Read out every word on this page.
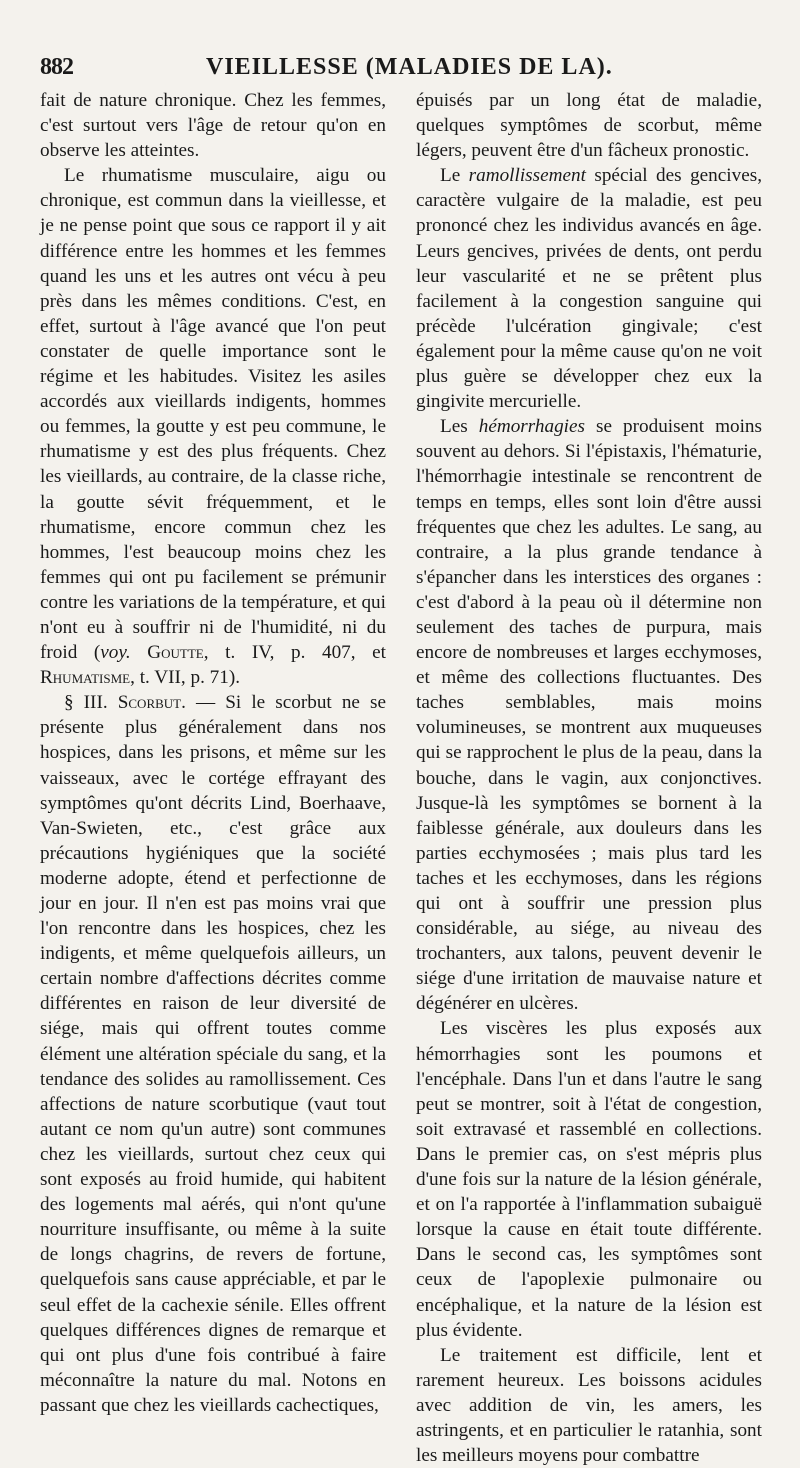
882	VIEILLESSE (MALADIES DE LA).

fait de nature chronique. Chez les femmes, c'est surtout vers l'âge de retour qu'on en observe les atteintes.

Le rhumatisme musculaire, aigu ou chronique, est commun dans la vieillesse, et je ne pense point que sous ce rapport il y ait différence entre les hommes et les femmes quand les uns et les autres ont vécu à peu près dans les mêmes conditions. C'est, en effet, surtout à l'âge avancé que l'on peut constater de quelle importance sont le régime et les habitudes. Visitez les asiles accordés aux vieillards indigents, hommes ou femmes, la goutte y est peu commune, le rhumatisme y est des plus fréquents. Chez les vieillards, au contraire, de la classe riche, la goutte sévit fréquemment, et le rhumatisme, encore commun chez les hommes, l'est beaucoup moins chez les femmes qui ont pu facilement se prémunir contre les variations de la température, et qui n'ont eu à souffrir ni de l'humidité, ni du froid (voy. Goutte, t. IV, p. 407, et Rhumatisme, t. VII, p. 71).

§ III. Scorbut. — Si le scorbut ne se présente plus généralement dans nos hospices, dans les prisons, et même sur les vaisseaux, avec le cortége effrayant des symptômes qu'ont décrits Lind, Boerhaave, Van-Swieten, etc., c'est grâce aux précautions hygiéniques que la société moderne adopte, étend et perfectionne de jour en jour. Il n'en est pas moins vrai que l'on rencontre dans les hospices, chez les indigents, et même quelquefois ailleurs, un certain nombre d'affections décrites comme différentes en raison de leur diversité de siége, mais qui offrent toutes comme élément une altération spéciale du sang, et la tendance des solides au ramollissement. Ces affections de nature scorbutique (vaut tout autant ce nom qu'un autre) sont communes chez les vieillards, surtout chez ceux qui sont exposés au froid humide, qui habitent des logements mal aérés, qui n'ont qu'une nourriture insuffisante, ou même à la suite de longs chagrins, de revers de fortune, quelquefois sans cause appréciable, et par le seul effet de la cachexie sénile. Elles offrent quelques différences dignes de remarque et qui ont plus d'une fois contribué à faire méconnaître la nature du mal. Notons en passant que chez les vieillards cachectiques,

épuisés par un long état de maladie, quelques symptômes de scorbut, même légers, peuvent être d'un fâcheux pronostic.

Le ramollissement spécial des gencives, caractère vulgaire de la maladie, est peu prononcé chez les individus avancés en âge. Leurs gencives, privées de dents, ont perdu leur vascularité et ne se prêtent plus facilement à la congestion sanguine qui précède l'ulcération gingivale; c'est également pour la même cause qu'on ne voit plus guère se développer chez eux la gingivite mercurielle.

Les hémorrhagies se produisent moins souvent au dehors. Si l'épistaxis, l'hématurie, l'hémorrhagie intestinale se rencontrent de temps en temps, elles sont loin d'être aussi fréquentes que chez les adultes. Le sang, au contraire, a la plus grande tendance à s'épancher dans les interstices des organes : c'est d'abord à la peau où il détermine non seulement des taches de purpura, mais encore de nombreuses et larges ecchymoses, et même des collections fluctuantes. Des taches semblables, mais moins volumineuses, se montrent aux muqueuses qui se rapprochent le plus de la peau, dans la bouche, dans le vagin, aux conjonctives. Jusque-là les symptômes se bornent à la faiblesse générale, aux douleurs dans les parties ecchymosées ; mais plus tard les taches et les ecchymoses, dans les régions qui ont à souffrir une pression plus considérable, au siége, au niveau des trochanters, aux talons, peuvent devenir le siége d'une irritation de mauvaise nature et dégénérer en ulcères.

Les viscères les plus exposés aux hémorrhagies sont les poumons et l'encéphale. Dans l'un et dans l'autre le sang peut se montrer, soit à l'état de congestion, soit extravasé et rassemblé en collections. Dans le premier cas, on s'est mépris plus d'une fois sur la nature de la lésion générale, et on l'a rapportée à l'inflammation subaiguë lorsque la cause en était toute différente. Dans le second cas, les symptômes sont ceux de l'apoplexie pulmonaire ou encéphalique, et la nature de la lésion est plus évidente.

Le traitement est difficile, lent et rarement heureux. Les boissons acidules avec addition de vin, les amers, les astringents, et en particulier le ratanhia, sont les meilleurs moyens pour combattre
